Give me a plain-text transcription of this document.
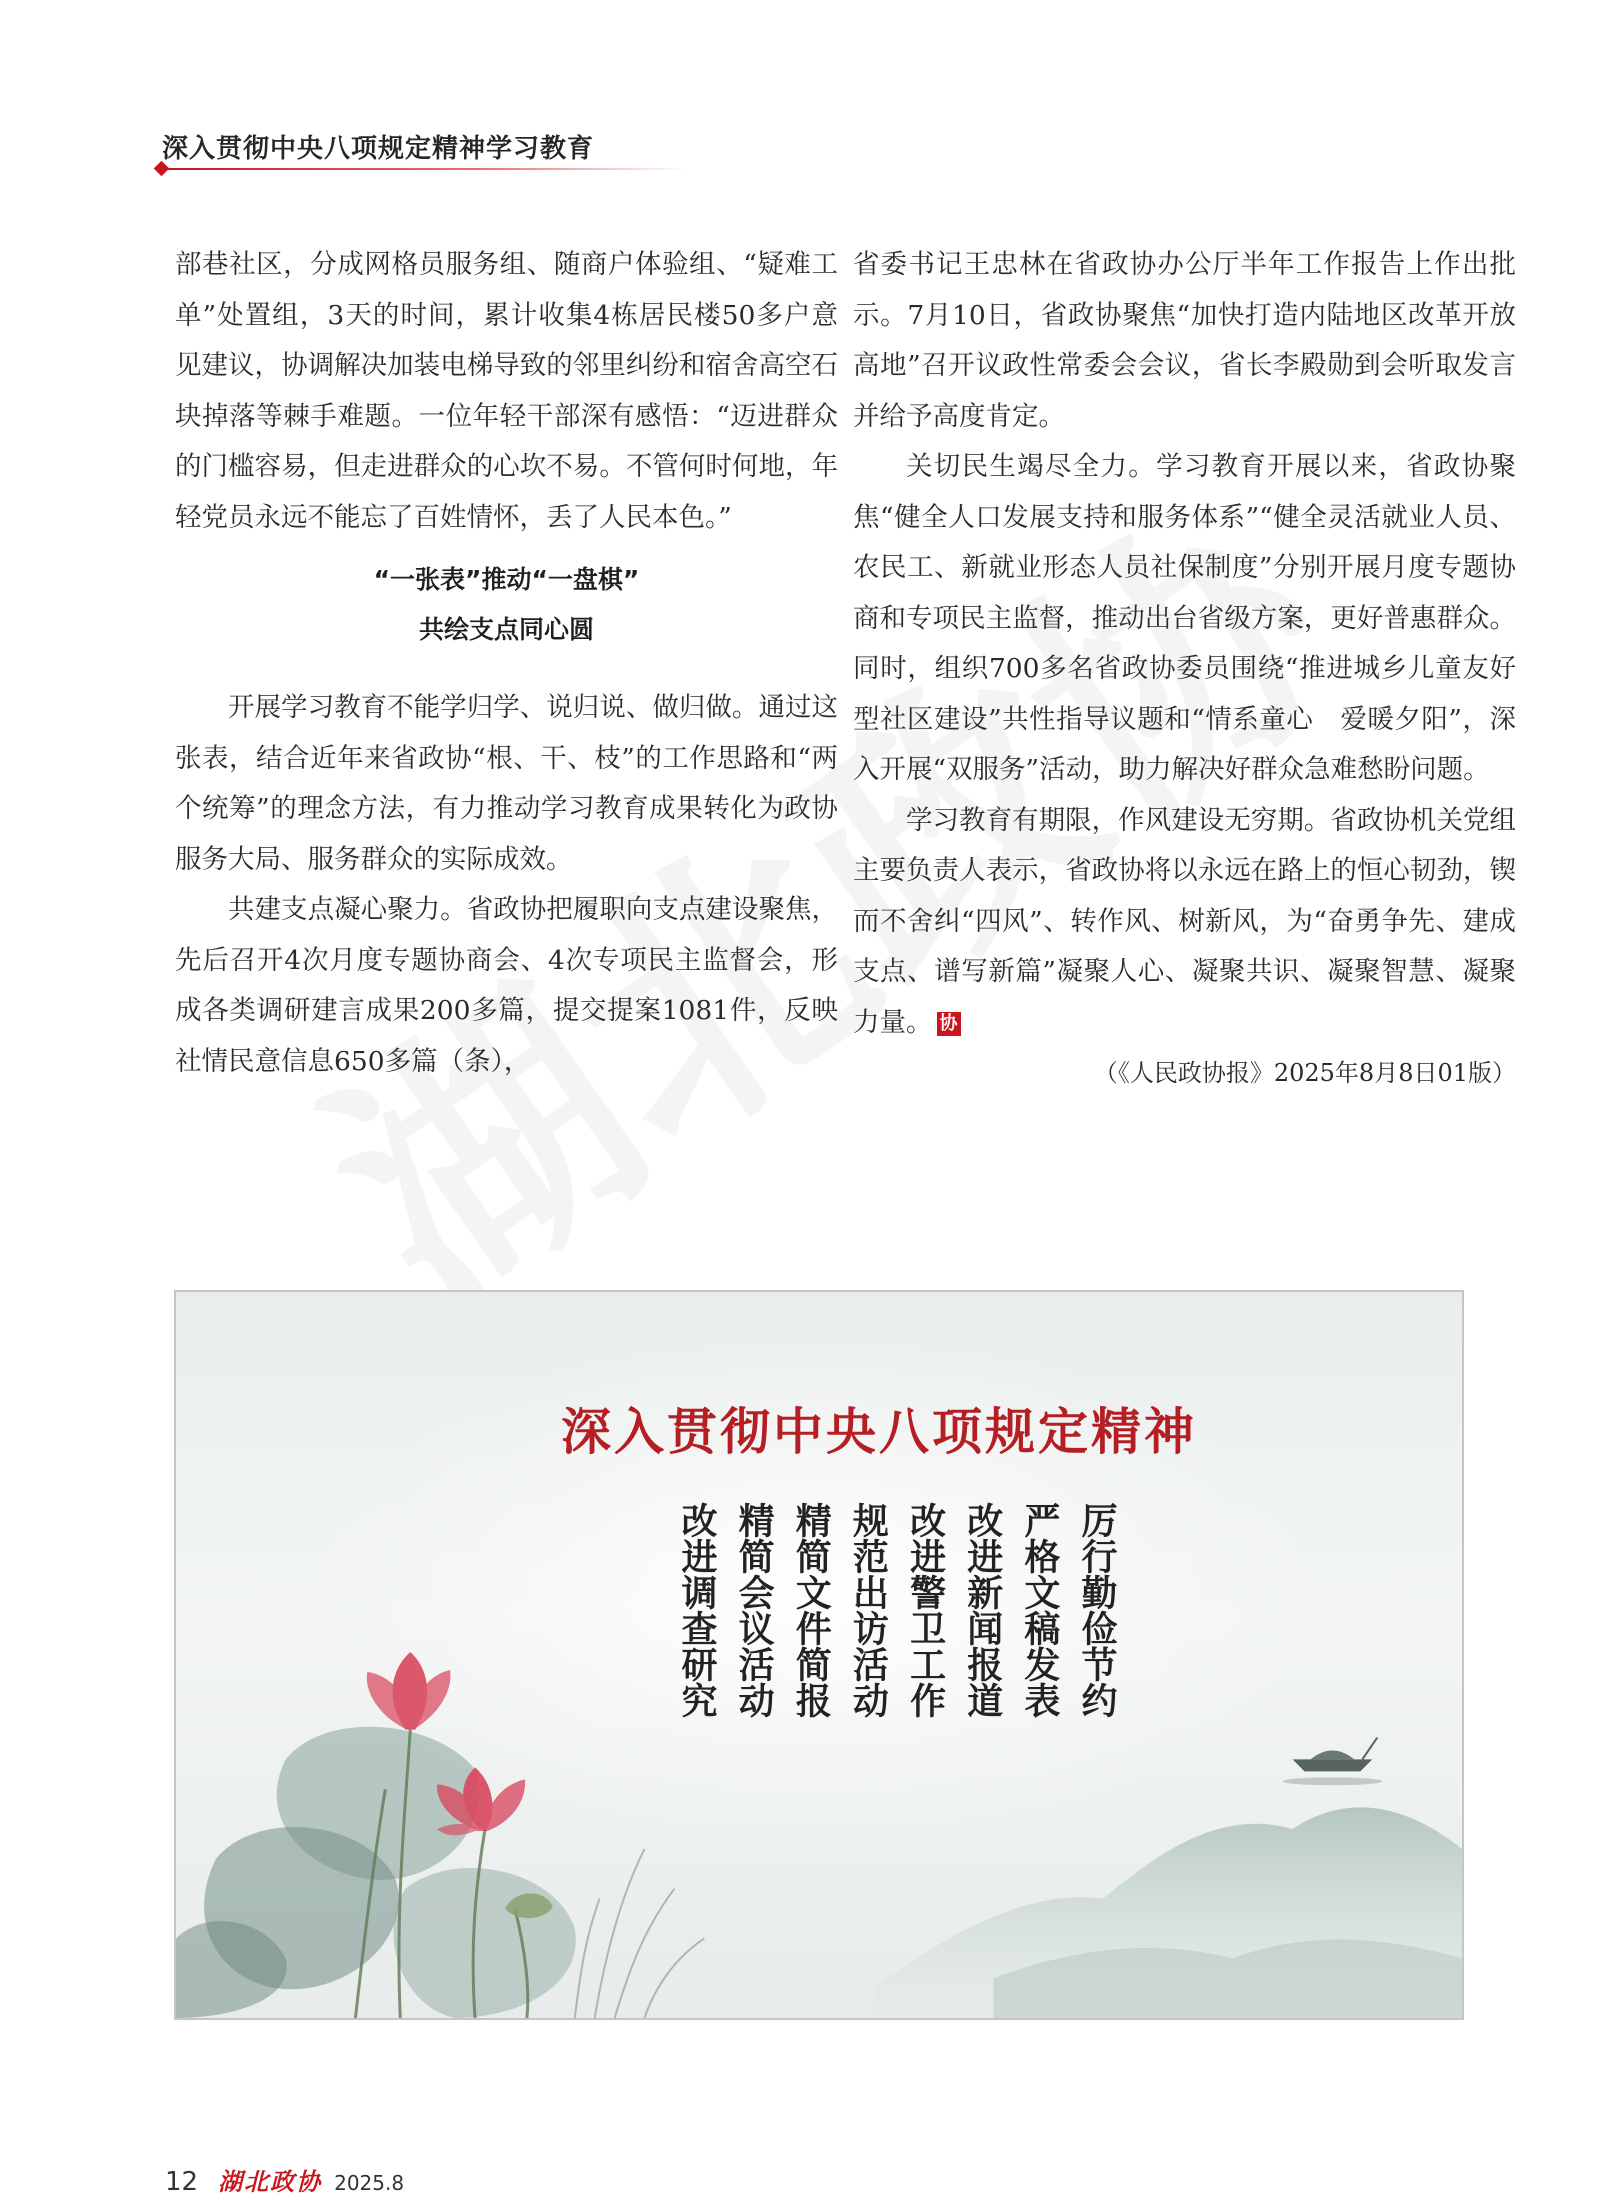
深入贯彻中央八项规定精神学习教育

部巷社区，分成网格员服务组、随商户体验组、“疑难工单”处置组，3天的时间，累计收集4栋居民楼50多户意见建议，协调解决加装电梯导致的邻里纠纷和宿舍高空石块掉落等棘手难题。一位年轻干部深有感悟：“迈进群众的门槛容易，但走进群众的心坎不易。不管何时何地，年轻党员永远不能忘了百姓情怀，丢了人民本色。”

“一张表”推动“一盘棋”
共绘支点同心圆

开展学习教育不能学归学、说归说、做归做。通过这张表，结合近年来省政协“根、干、枝”的工作思路和“两个统筹”的理念方法，有力推动学习教育成果转化为政协服务大局、服务群众的实际成效。

共建支点凝心聚力。省政协把履职向支点建设聚焦，先后召开4次月度专题协商会、4次专项民主监督会，形成各类调研建言成果200多篇，提交提案1081件，反映社情民意信息650多篇（条），

省委书记王忠林在省政协办公厅半年工作报告上作出批示。7月10日，省政协聚焦“加快打造内陆地区改革开放高地”召开议政性常委会会议，省长李殿勋到会听取发言并给予高度肯定。

关切民生竭尽全力。学习教育开展以来，省政协聚焦“健全人口发展支持和服务体系”“健全灵活就业人员、农民工、新就业形态人员社保制度”分别开展月度专题协商和专项民主监督，推动出台省级方案，更好普惠群众。同时，组织700多名省政协委员围绕“推进城乡儿童友好型社区建设”共性指导议题和“情系童心　爱暖夕阳”，深入开展“双服务”活动，助力解决好群众急难愁盼问题。

学习教育有期限，作风建设无穷期。省政协机关党组主要负责人表示，省政协将以永远在路上的恒心韧劲，锲而不舍纠“四风”、转作风、树新风，为“奋勇争先、建成支点、谱写新篇”凝聚人心、凝聚共识、凝聚智慧、凝聚力量。 协

（《人民政协报》2025年8月8日01版）

深入贯彻中央八项规定精神
厉行勤俭节约
严格文稿发表
改进新闻报道
改进警卫工作
规范出访活动
精简文件简报
精简会议活动
改进调查研究
12 湖北政协 2025.8
